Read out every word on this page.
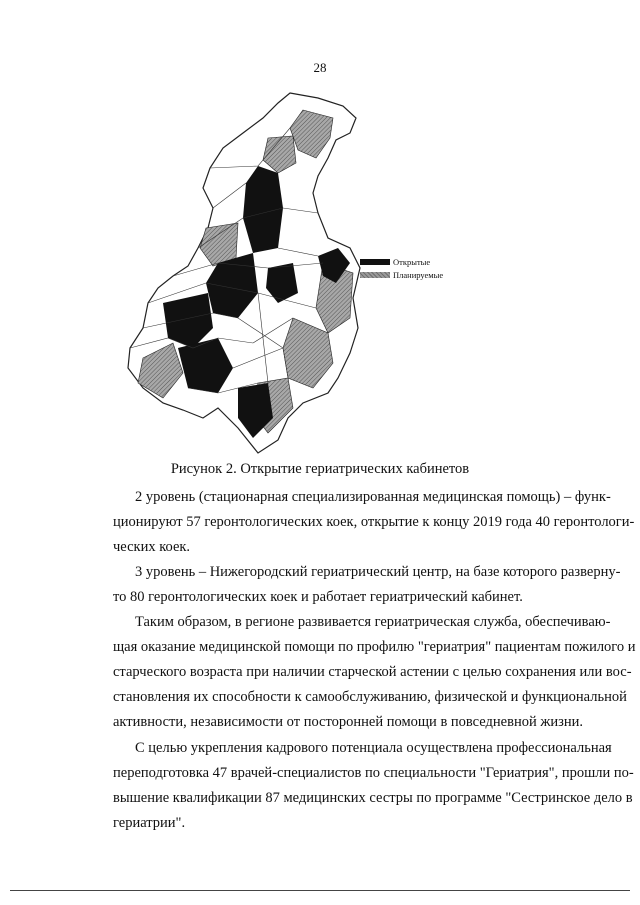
28
Открытые
Планируемые
Рисунок 2. Открытие гериатрических кабинетов
2 уровень (стационарная специализированная медицинская помощь) – функ-
ционируют 57 геронтологических коек, открытие к концу 2019 года 40 геронтологи-
ческих коек.
3 уровень – Нижегородский гериатрический центр, на базе которого разверну-
то 80 геронтологических коек и работает гериатрический кабинет.
Таким образом, в регионе развивается гериатрическая служба, обеспечиваю-
щая оказание медицинской помощи по профилю "гериатрия" пациентам пожилого и
старческого возраста при наличии старческой астении с целью сохранения или вос-
становления их способности к самообслуживанию, физической и функциональной
активности, независимости от посторонней помощи в повседневной жизни.
С целью укрепления кадрового потенциала осуществлена профессиональная
переподготовка 47 врачей-специалистов по специальности "Гериатрия", прошли по-
вышение квалификации 87 медицинских сестры по программе "Сестринское дело в
гериатрии".
